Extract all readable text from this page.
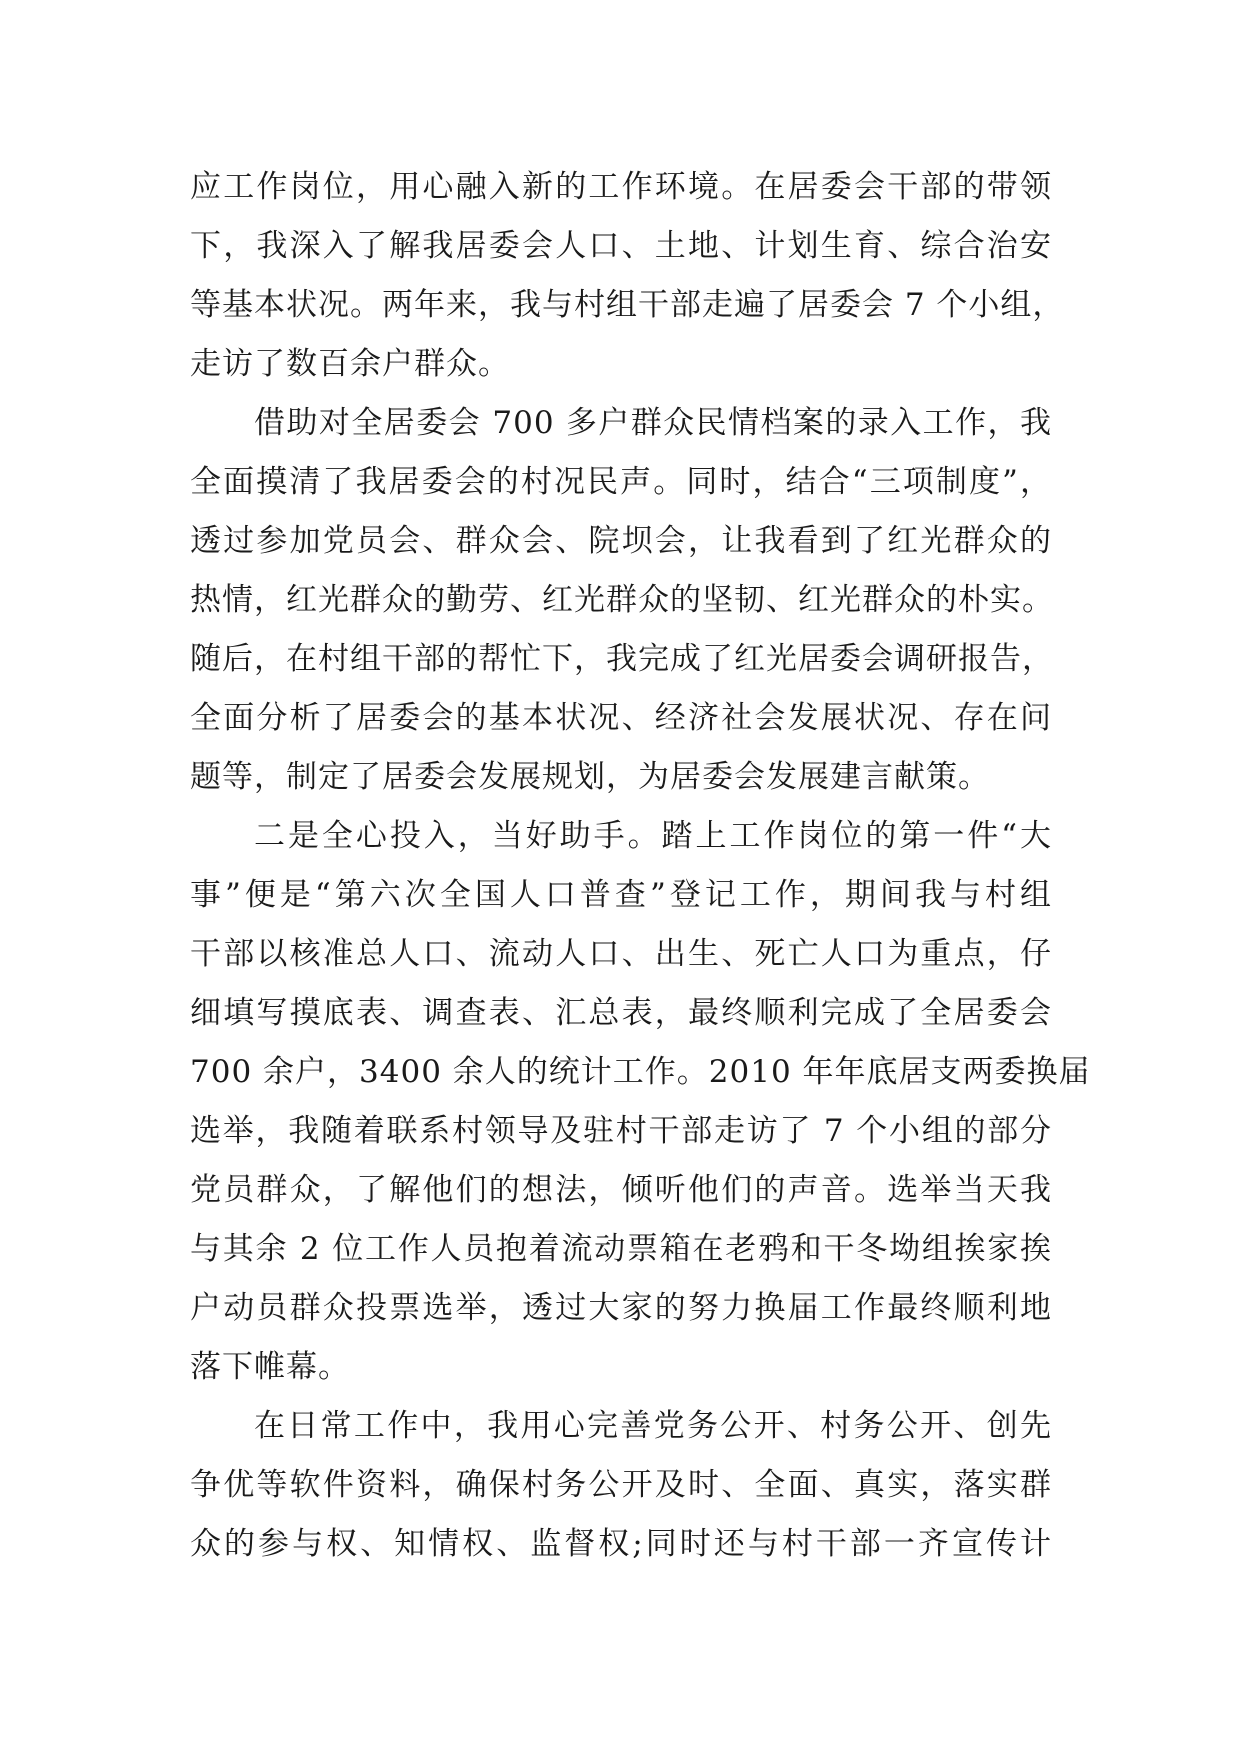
应工作岗位，用心融入新的工作环境。在居委会干部的带领
下，我深入了解我居委会人口、土地、计划生育、综合治安
等基本状况。两年来，我与村组干部走遍了居委会 7 个小组，
走访了数百余户群众。
借助对全居委会 700 多户群众民情档案的录入工作，我
全面摸清了我居委会的村况民声。同时，结合“三项制度”，
透过参加党员会、群众会、院坝会，让我看到了红光群众的
热情，红光群众的勤劳、红光群众的坚韧、红光群众的朴实。
随后，在村组干部的帮忙下，我完成了红光居委会调研报告，
全面分析了居委会的基本状况、经济社会发展状况、存在问
题等，制定了居委会发展规划，为居委会发展建言献策。
二是全心投入，当好助手。踏上工作岗位的第一件“大
事”便是“第六次全国人口普查”登记工作，期间我与村组
干部以核准总人口、流动人口、出生、死亡人口为重点，仔
细填写摸底表、调查表、汇总表，最终顺利完成了全居委会
700 余户，3400 余人的统计工作。2010 年年底居支两委换届
选举，我随着联系村领导及驻村干部走访了 7 个小组的部分
党员群众，了解他们的想法，倾听他们的声音。选举当天我
与其余 2 位工作人员抱着流动票箱在老鸦和干冬坳组挨家挨
户动员群众投票选举，透过大家的努力换届工作最终顺利地
落下帷幕。
在日常工作中，我用心完善党务公开、村务公开、创先
争优等软件资料，确保村务公开及时、全面、真实，落实群
众的参与权、知情权、监督权;同时还与村干部一齐宣传计
